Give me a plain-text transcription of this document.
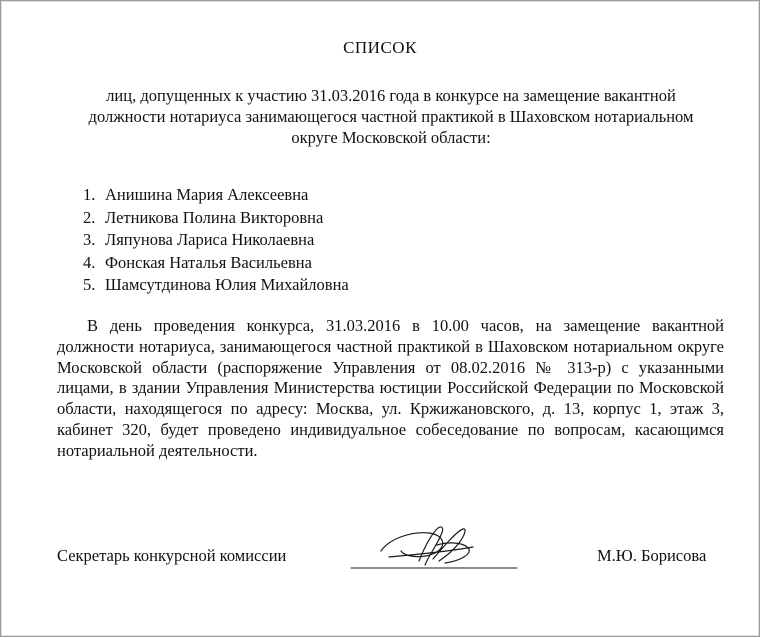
СПИСОК
лиц, допущенных к участию 31.03.2016 года в конкурсе на замещение вакантной должности нотариуса занимающегося частной практикой в Шаховском нотариальном округе Московской области:
1. Анишина Мария Алексеевна
2. Летникова Полина Викторовна
3. Ляпунова Лариса Николаевна
4. Фонская Наталья Васильевна
5. Шамсутдинова Юлия Михайловна
В день проведения конкурса, 31.03.2016 в 10.00 часов, на замещение вакантной должности нотариуса, занимающегося частной практикой в Шаховском нотариальном округе Московской области (распоряжение Управления от 08.02.2016 № 313-р) с указанными лицами, в здании Управления Министерства юстиции Российской Федерации по Московской области, находящегося по адресу: Москва, ул. Кржижановского, д. 13, корпус 1, этаж 3, кабинет 320, будет проведено индивидуальное собеседование по вопросам, касающимся нотариальной деятельности.
Секретарь конкурсной комиссии	М.Ю. Борисова
